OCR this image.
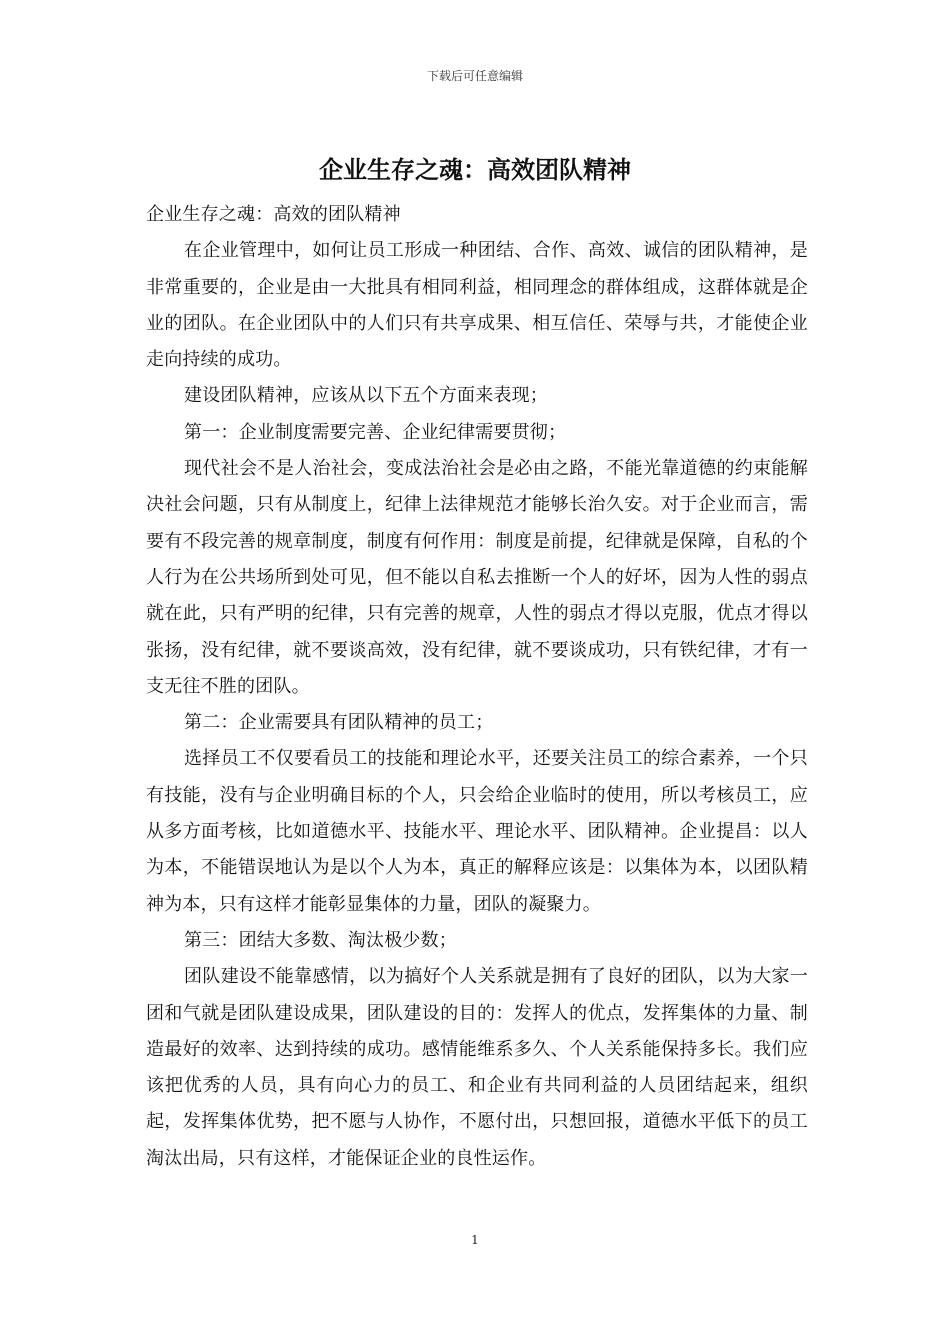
下载后可任意编辑
企业生存之魂：高效团队精神

企业生存之魂：高效的团队精神

在企业管理中，如何让员工形成一种团结、合作、高效、诚信的团队精神，是非常重要的，企业是由一大批具有相同利益，相同理念的群体组成，这群体就是企业的团队。在企业团队中的人们只有共享成果、相互信任、荣辱与共，才能使企业走向持续的成功。

建设团队精神，应该从以下五个方面来表现；

第一：企业制度需要完善、企业纪律需要贯彻；

现代社会不是人治社会，变成法治社会是必由之路，不能光靠道德的约束能解决社会问题，只有从制度上，纪律上法律规范才能够长治久安。对于企业而言，需要有不段完善的规章制度，制度有何作用：制度是前提，纪律就是保障，自私的个人行为在公共场所到处可见，但不能以自私去推断一个人的好坏，因为人性的弱点就在此，只有严明的纪律，只有完善的规章，人性的弱点才得以克服，优点才得以张扬，没有纪律，就不要谈高效，没有纪律，就不要谈成功，只有铁纪律，才有一支无往不胜的团队。

第二：企业需要具有团队精神的员工；

选择员工不仅要看员工的技能和理论水平，还要关注员工的综合素养，一个只有技能，没有与企业明确目标的个人，只会给企业临时的使用，所以考核员工，应从多方面考核，比如道德水平、技能水平、理论水平、团队精神。企业提昌：以人为本，不能错误地认为是以个人为本，真正的解释应该是：以集体为本，以团队精神为本，只有这样才能彰显集体的力量，团队的凝聚力。

第三：团结大多数、淘汰极少数；

团队建设不能靠感情，以为搞好个人关系就是拥有了良好的团队，以为大家一团和气就是团队建设成果，团队建设的目的：发挥人的优点，发挥集体的力量、制造最好的效率、达到持续的成功。感情能维系多久、个人关系能保持多长。我们应该把优秀的人员，具有向心力的员工、和企业有共同利益的人员团结起来，组织起，发挥集体优势，把不愿与人协作，不愿付出，只想回报，道德水平低下的员工淘汰出局，只有这样，才能保证企业的良性运作。

1
